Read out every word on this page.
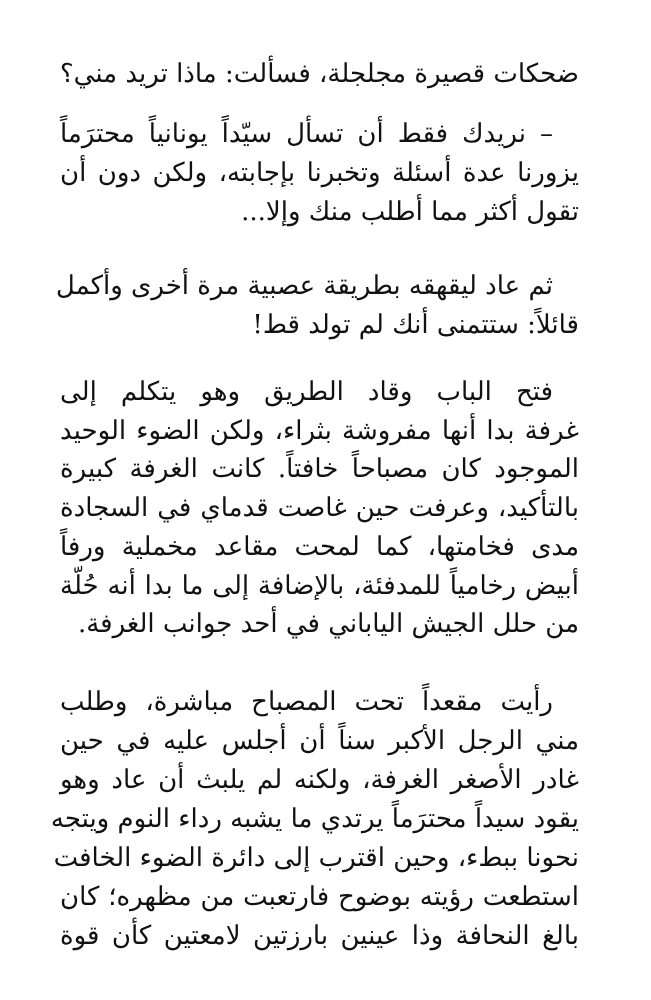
ضحكات قصيرة مجلجلة، فسألت: ماذا تريد مني؟
– نريدك فقط أن تسأل سيّداً يونانياً محترَماً
يزورنا عدة أسئلة وتخبرنا بإجابته، ولكن دون أن
تقول أكثر مما أطلب منك وإلا...
ثم عاد ليقهقه بطريقة عصبية مرة أخرى وأكمل
قائلاً: ستتمنى أنك لم تولد قط!
فتح الباب وقاد الطريق وهو يتكلم إلى
غرفة بدا أنها مفروشة بثراء، ولكن الضوء الوحيد
الموجود كان مصباحاً خافتاً. كانت الغرفة كبيرة
بالتأكيد، وعرفت حين غاصت قدماي في السجادة
مدى فخامتها، كما لمحت مقاعد مخملية ورفاً
أبيض رخامياً للمدفئة، بالإضافة إلى ما بدا أنه حُلّة
من حلل الجيش الياباني في أحد جوانب الغرفة.
رأيت مقعداً تحت المصباح مباشرة، وطلب
مني الرجل الأكبر سناً أن أجلس عليه في حين
غادر الأصغر الغرفة، ولكنه لم يلبث أن عاد وهو
يقود سيداً محترَماً يرتدي ما يشبه رداء النوم ويتجه
نحونا ببطء، وحين اقترب إلى دائرة الضوء الخافت
استطعت رؤيته بوضوح فارتعبت من مظهره؛ كان
بالغ النحافة وذا عينين بارزتين لامعتين كأن قوة
